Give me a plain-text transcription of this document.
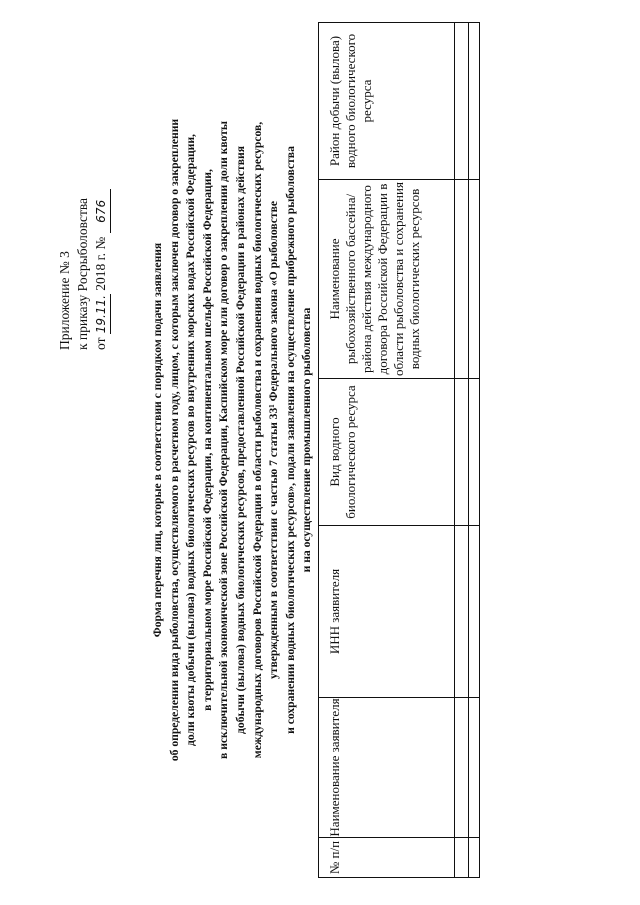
Приложение № 3 к приказу Росрыболовства от 19.11. 2018 г. № 676
Форма перечня лиц, которые в соответствии с порядком подачи заявления об определении вида рыболовства, осуществляемого в расчетном году, лицом, с которым заключен договор о закреплении доли квоты добычи (вылова) водных биологических ресурсов во внутренних морских водах Российской Федерации, в территориальном море Российской Федерации, на континентальном шельфе Российской Федерации, в исключительной экономической зоне Российской Федерации, Каспийском море или договор о закреплении доли квоты добычи (вылова) водных биологических ресурсов, предоставленной Российской Федерации в районах действия международных договоров Российской Федерации в области рыболовства и сохранения водных биологических ресурсов, утвержденным в соответствии с частью 7 статьи 33¹ Федерального закона «О рыболовстве и сохранении водных биологических ресурсов», подали заявления на осуществление прибрежного рыболовства и на осуществление промышленного рыболовства
№ п/п	Наименование заявителя	ИНН заявителя	Вид водного биологического ресурса	Наименование рыбохозяйственного бассейна/района действия международного договора Российской Федерации в области рыболовства и сохранения водных биологических ресурсов	Район добычи (вылова) водного биологического ресурса
